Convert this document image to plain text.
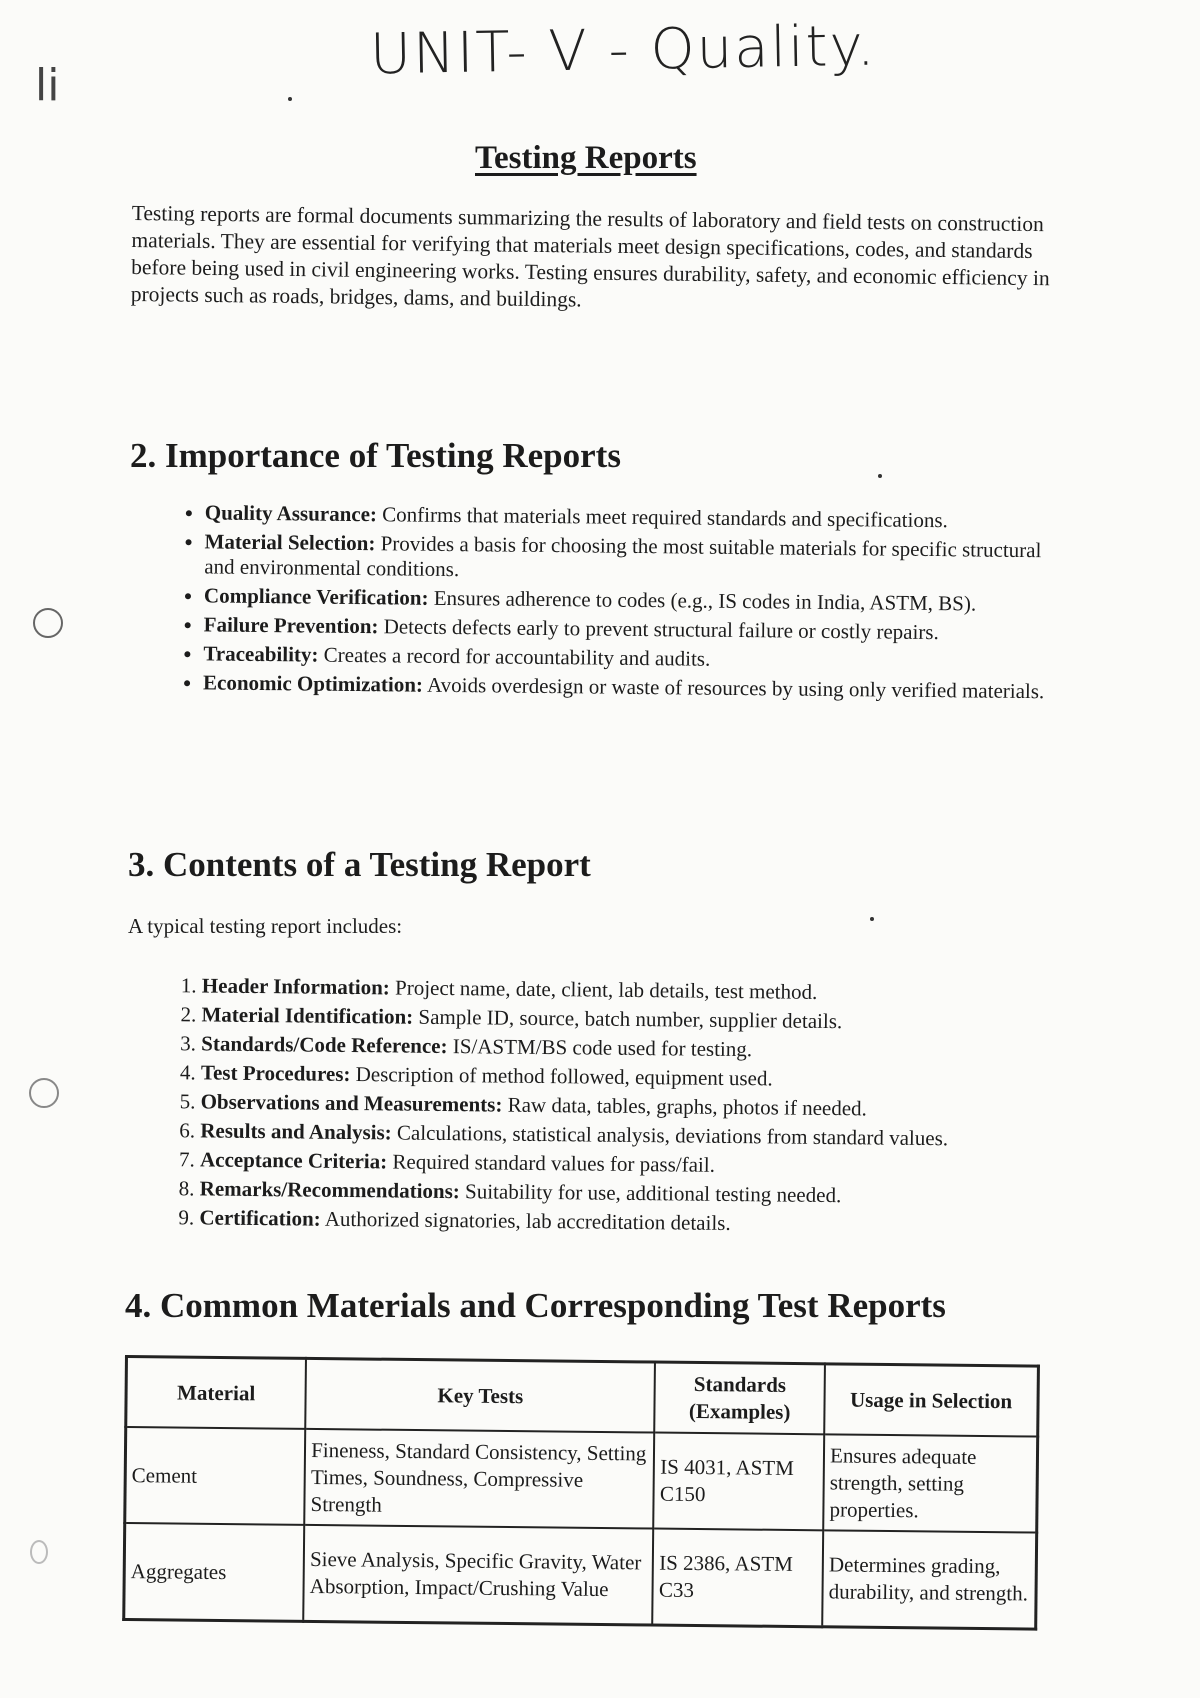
li	UNIT- V - Quality.
Testing Reports

Testing reports are formal documents summarizing the results of laboratory and field tests on construction materials. They are essential for verifying that materials meet design specifications, codes, and standards before being used in civil engineering works. Testing ensures durability, safety, and economic efficiency in projects such as roads, bridges, dams, and buildings.

2. Importance of Testing Reports
• Quality Assurance: Confirms that materials meet required standards and specifications.
• Material Selection: Provides a basis for choosing the most suitable materials for specific structural and environmental conditions.
• Compliance Verification: Ensures adherence to codes (e.g., IS codes in India, ASTM, BS).
• Failure Prevention: Detects defects early to prevent structural failure or costly repairs.
• Traceability: Creates a record for accountability and audits.
• Economic Optimization: Avoids overdesign or waste of resources by using only verified materials.
3. Contents of a Testing Report

A typical testing report includes:

1. Header Information: Project name, date, client, lab details, test method.
2. Material Identification: Sample ID, source, batch number, supplier details.
3. Standards/Code Reference: IS/ASTM/BS code used for testing.
4. Test Procedures: Description of method followed, equipment used.
5. Observations and Measurements: Raw data, tables, graphs, photos if needed.
6. Results and Analysis: Calculations, statistical analysis, deviations from standard values.
7. Acceptance Criteria: Required standard values for pass/fail.
8. Remarks/Recommendations: Suitability for use, additional testing needed.
9. Certification: Authorized signatories, lab accreditation details.
4. Common Materials and Corresponding Test Reports
Material	Key Tests	Standards (Examples)	Usage in Selection
Cement	Fineness, Standard Consistency, Setting Times, Soundness, Compressive Strength	IS 4031, ASTM C150	Ensures adequate strength, setting properties.
Aggregates	Sieve Analysis, Specific Gravity, Water Absorption, Impact/Crushing Value	IS 2386, ASTM C33	Determines grading, durability, and strength.
